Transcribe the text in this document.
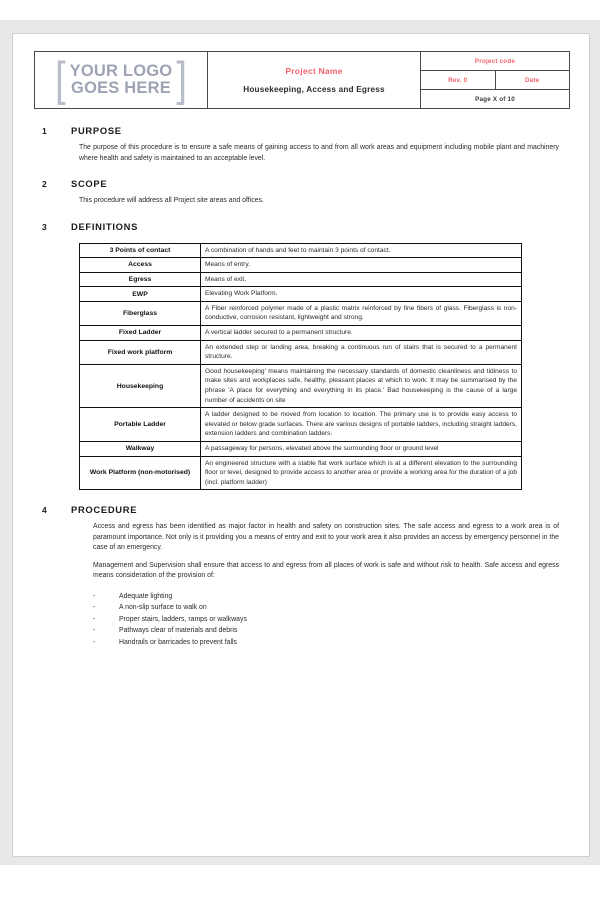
[ YOUR LOGO
GOES HERE ]	Project Name
Housekeeping, Access and Egress

Project code
Rev. 0	Date
Page X of 10
1	PURPOSE

The purpose of this procedure is to ensure a safe means of gaining access to and from all work areas and equipment including mobile plant and machinery where health and safety is maintained to an acceptable level.

2	SCOPE

This procedure will address all Project site areas and offices.

3	DEFINITIONS
3 Points of contact	A combination of hands and feet to maintain 3 points of contact.
Access	Means of entry.
Egress	Means of exit.
EWP	Elevating Work Platform.
Fiberglass	A Fiber reinforced polymer made of a plastic matrix reinforced by fine fibers of glass. Fiberglass is non-conductive, corrosion resistant, lightweight and strong.
Fixed Ladder	A vertical ladder secured to a permanent structure.
Fixed work platform	An extended step or landing area, breaking a continuous run of stairs that is secured to a permanent structure.
Housekeeping	Good housekeeping' means maintaining the necessary standards of domestic cleanliness and tidiness to make sites and workplaces safe, healthy, pleasant places at which to work. It may be summarised by the phrase 'A place for everything and everything in its place.' Bad housekeeping is the cause of a large number of accidents on site
Portable Ladder	A ladder designed to be moved from location to location. The primary use is to provide easy access to elevated or below grade surfaces. There are various designs of portable ladders, including straight ladders, extension ladders and combination ladders.
Walkway	A passageway for persons, elevated above the surrounding floor or ground level
Work Platform (non-motorised)	An engineered structure with a stable flat work surface which is at a different elevation to the surrounding floor or level, designed to provide access to another area or provide a working area for the duration of a job (incl. platform ladder)
4	PROCEDURE

Access and egress has been identified as major factor in health and safety on construction sites. The safe access and egress to a work area is of paramount importance. Not only is it providing you a means of entry and exit to your work area it also provides an access by emergency personnel in the case of an emergency.

Management and Supervision shall ensure that access to and egress from all places of work is safe and without risk to health. Safe access and egress means consideration of the provision of:

-	Adequate lighting
-	A non-slip surface to walk on
-	Proper stairs, ladders, ramps or walkways
-	Pathways clear of materials and debris
-	Handrails or barricades to prevent falls
